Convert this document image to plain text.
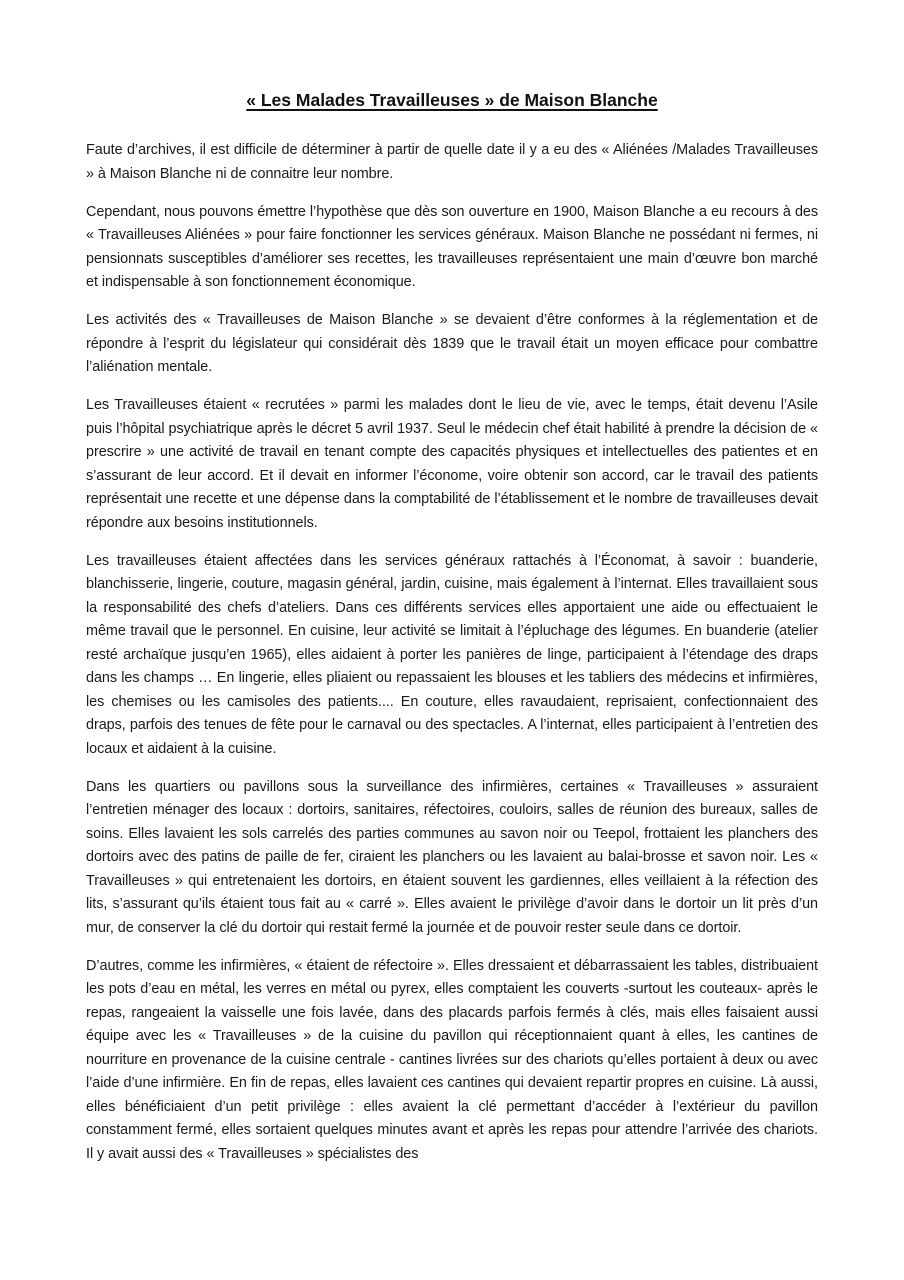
« Les Malades Travailleuses » de Maison Blanche

Faute d’archives, il est difficile de déterminer à partir de quelle date il y a eu des « Aliénées /Malades Travailleuses » à Maison Blanche ni de connaitre leur nombre.

Cependant, nous pouvons émettre l’hypothèse que dès son ouverture en 1900, Maison Blanche a eu recours à des « Travailleuses Aliénées » pour faire fonctionner les services généraux. Maison Blanche ne possédant ni fermes, ni pensionnats susceptibles d’améliorer ses recettes, les travailleuses représentaient une main d’œuvre bon marché et indispensable à son fonctionnement économique.

Les activités des « Travailleuses de Maison Blanche » se devaient d’être conformes à la réglementation et de répondre à l’esprit du législateur qui considérait dès 1839 que le travail était un moyen efficace pour combattre l’aliénation mentale.

Les Travailleuses étaient « recrutées » parmi les malades dont le lieu de vie, avec le temps, était devenu l’Asile puis l’hôpital psychiatrique après le décret 5 avril 1937. Seul le médecin chef était habilité à prendre la décision de « prescrire » une activité de travail en tenant compte des capacités physiques et intellectuelles des patientes et en s’assurant de leur accord. Et il devait en informer l’économe, voire obtenir son accord, car le travail des patients représentait une recette et une dépense dans la comptabilité de l’établissement et le nombre de travailleuses devait répondre aux besoins institutionnels.

Les travailleuses étaient affectées dans les services généraux rattachés à l’Économat, à savoir : buanderie, blanchisserie, lingerie, couture, magasin général, jardin, cuisine, mais également à l’internat. Elles travaillaient sous la responsabilité des chefs d’ateliers. Dans ces différents services elles apportaient une aide ou effectuaient le même travail que le personnel. En cuisine, leur activité se limitait à l’épluchage des légumes. En buanderie (atelier resté archaïque jusqu’en 1965), elles aidaient à porter les panières de linge, participaient à l’étendage des draps dans les champs … En lingerie, elles pliaient ou repassaient les blouses et les tabliers des médecins et infirmières, les chemises ou les camisoles des patients.... En couture, elles ravaudaient, reprisaient, confectionnaient des draps, parfois des tenues de fête pour le carnaval ou des spectacles. A l’internat, elles participaient à l’entretien des locaux et aidaient à la cuisine.

Dans les quartiers ou pavillons sous la surveillance des infirmières, certaines « Travailleuses » assuraient l’entretien ménager des locaux : dortoirs, sanitaires, réfectoires, couloirs, salles de réunion des bureaux, salles de soins. Elles lavaient les sols carrelés des parties communes au savon noir ou Teepol, frottaient les planchers des dortoirs avec des patins de paille de fer, ciraient les planchers ou les lavaient au balai-brosse et savon noir. Les « Travailleuses » qui entretenaient les dortoirs, en étaient souvent les gardiennes, elles veillaient à la réfection des lits, s’assurant qu’ils étaient tous fait au « carré ». Elles avaient le privilège d’avoir dans le dortoir un lit près d’un mur, de conserver la clé du dortoir qui restait fermé la journée et de pouvoir rester seule dans ce dortoir.

D’autres, comme les infirmières, « étaient de réfectoire ». Elles dressaient et débarrassaient les tables, distribuaient les pots d’eau en métal, les verres en métal ou pyrex, elles comptaient les couverts -surtout les couteaux- après le repas, rangeaient la vaisselle une fois lavée, dans des placards parfois fermés à clés, mais elles faisaient aussi équipe avec les « Travailleuses » de la cuisine du pavillon qui réceptionnaient quant à elles, les cantines de nourriture en provenance de la cuisine centrale - cantines livrées sur des chariots qu’elles portaient à deux ou avec l’aide d’une infirmière. En fin de repas, elles lavaient ces cantines qui devaient repartir propres en cuisine. Là aussi, elles bénéficiaient d’un petit privilège : elles avaient la clé permettant d’accéder à l’extérieur du pavillon constamment fermé, elles sortaient quelques minutes avant et après les repas pour attendre l’arrivée des chariots. Il y avait aussi des « Travailleuses » spécialistes des
